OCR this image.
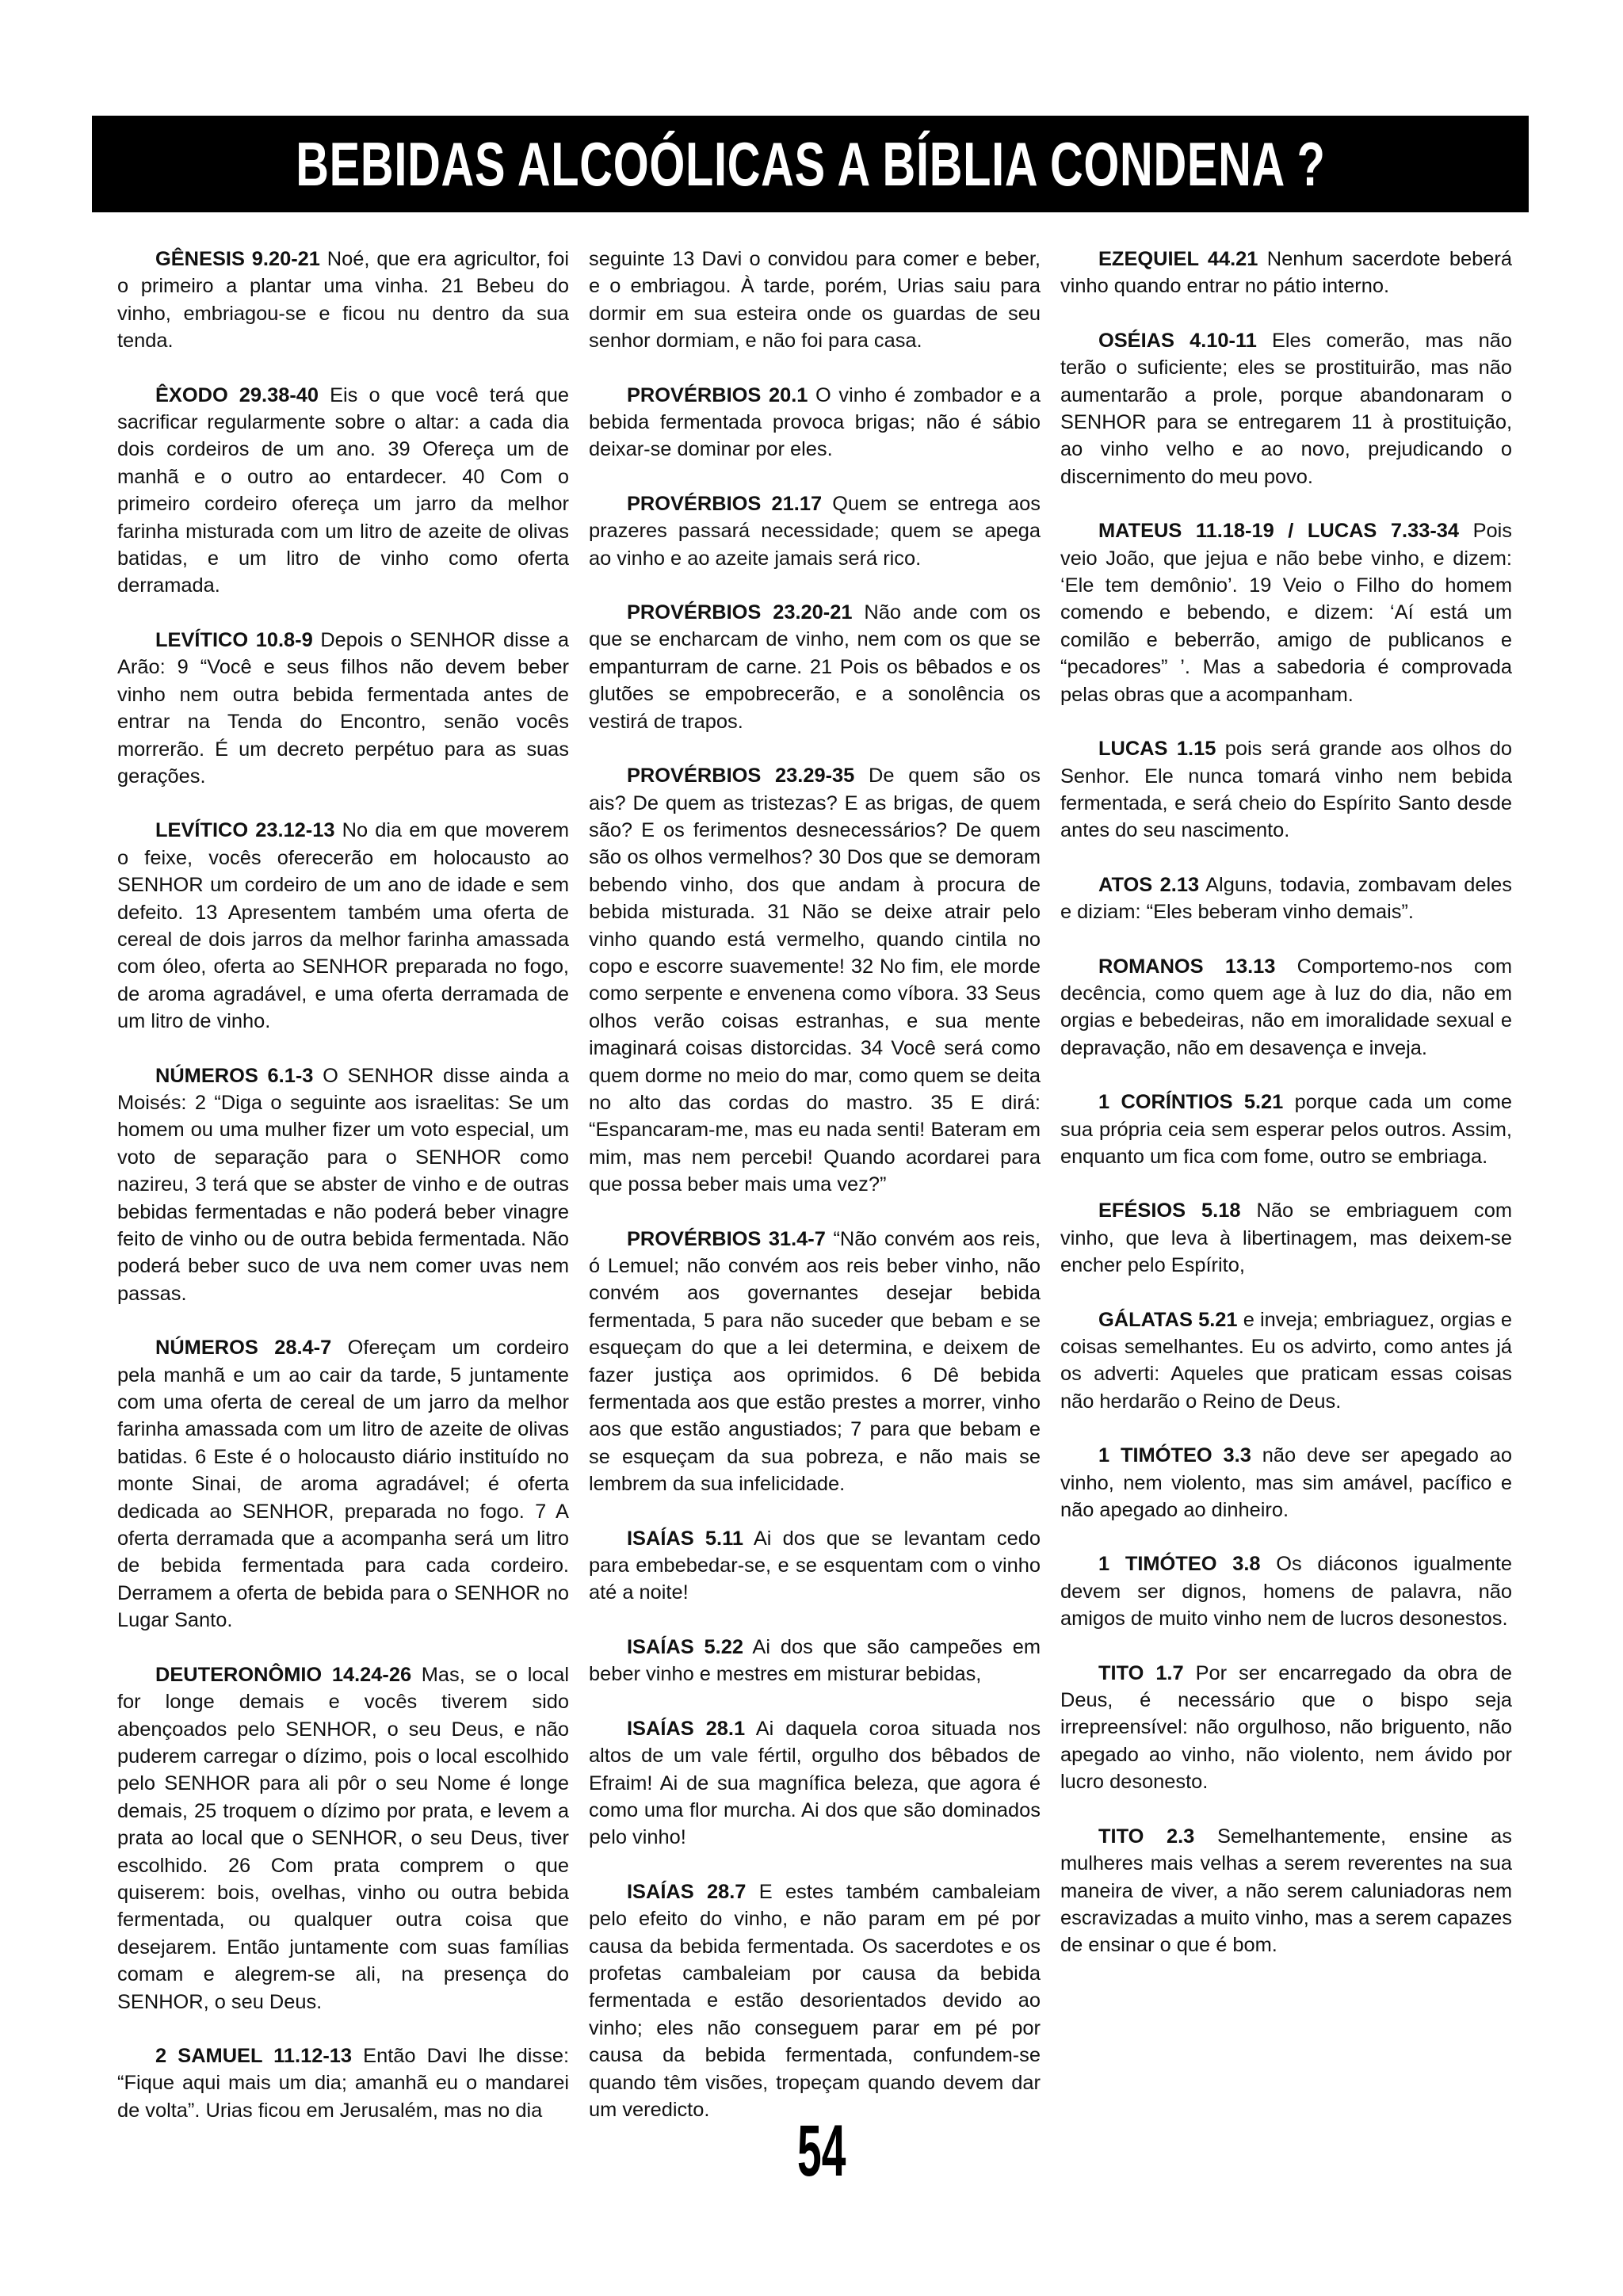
BEBIDAS ALCOÓLICAS A BÍBLIA CONDENA ?

GÊNESIS 9.20-21 Noé, que era agricultor, foi o primeiro a plantar uma vinha. 21 Bebeu do vinho, embriagou-se e ficou nu dentro da sua tenda.

ÊXODO 29.38-40 Eis o que você terá que sacrificar regularmente sobre o altar: a cada dia dois cordeiros de um ano. 39 Ofereça um de manhã e o outro ao entardecer. 40 Com o primeiro cordeiro ofereça um jarro da melhor farinha misturada com um litro de azeite de olivas batidas, e um litro de vinho como oferta derramada.

LEVÍTICO 10.8-9 Depois o SENHOR disse a Arão: 9 “Você e seus filhos não devem beber vinho nem outra bebida fermentada antes de entrar na Tenda do Encontro, senão vocês morrerão. É um decreto perpétuo para as suas gerações.

LEVÍTICO 23.12-13 No dia em que moverem o feixe, vocês oferecerão em holocausto ao SENHOR um cordeiro de um ano de idade e sem defeito. 13 Apresentem também uma oferta de cereal de dois jarros da melhor farinha amassada com óleo, oferta ao SENHOR preparada no fogo, de aroma agradável, e uma oferta derramada de um litro de vinho.

NÚMEROS 6.1-3 O SENHOR disse ainda a Moisés: 2 “Diga o seguinte aos israelitas: Se um homem ou uma mulher fizer um voto especial, um voto de separação para o SENHOR como nazireu, 3 terá que se abster de vinho e de outras bebidas fermentadas e não poderá beber vinagre feito de vinho ou de outra bebida fermentada. Não poderá beber suco de uva nem comer uvas nem passas.

NÚMEROS 28.4-7 Ofereçam um cordeiro pela manhã e um ao cair da tarde, 5 juntamente com uma oferta de cereal de um jarro da melhor farinha amassada com um litro de azeite de olivas batidas. 6 Este é o holocausto diário instituído no monte Sinai, de aroma agradável; é oferta dedicada ao SENHOR, preparada no fogo. 7 A oferta derramada que a acompanha será um litro de bebida fermentada para cada cordeiro. Derramem a oferta de bebida para o SENHOR no Lugar Santo.

DEUTERONÔMIO 14.24-26 Mas, se o local for longe demais e vocês tiverem sido abençoados pelo SENHOR, o seu Deus, e não puderem carregar o dízimo, pois o local escolhido pelo SENHOR para ali pôr o seu Nome é longe demais, 25 troquem o dízimo por prata, e levem a prata ao local que o SENHOR, o seu Deus, tiver escolhido. 26 Com prata comprem o que quiserem: bois, ovelhas, vinho ou outra bebida fermentada, ou qualquer outra coisa que desejarem. Então juntamente com suas famílias comam e alegrem-se ali, na presença do SENHOR, o seu Deus.

2 SAMUEL 11.12-13 Então Davi lhe disse: “Fique aqui mais um dia; amanhã eu o mandarei de volta”. Urias ficou em Jerusalém, mas no dia

seguinte 13 Davi o convidou para comer e beber, e o embriagou. À tarde, porém, Urias saiu para dormir em sua esteira onde os guardas de seu senhor dormiam, e não foi para casa.

PROVÉRBIOS 20.1 O vinho é zombador e a bebida fermentada provoca brigas; não é sábio deixar-se dominar por eles.

PROVÉRBIOS 21.17 Quem se entrega aos prazeres passará necessidade; quem se apega ao vinho e ao azeite jamais será rico.

PROVÉRBIOS 23.20-21 Não ande com os que se encharcam de vinho, nem com os que se empanturram de carne. 21 Pois os bêbados e os glutões se empobrecerão, e a sonolência os vestirá de trapos.

PROVÉRBIOS 23.29-35 De quem são os ais? De quem as tristezas? E as brigas, de quem são? E os ferimentos desnecessários? De quem são os olhos vermelhos? 30 Dos que se demoram bebendo vinho, dos que andam à procura de bebida misturada. 31 Não se deixe atrair pelo vinho quando está vermelho, quando cintila no copo e escorre suavemente! 32 No fim, ele morde como serpente e envenena como víbora. 33 Seus olhos verão coisas estranhas, e sua mente imaginará coisas distorcidas. 34 Você será como quem dorme no meio do mar, como quem se deita no alto das cordas do mastro. 35 E dirá: “Espancaram-me, mas eu nada senti! Bateram em mim, mas nem percebi! Quando acordarei para que possa beber mais uma vez?”

PROVÉRBIOS 31.4-7 “Não convém aos reis, ó Lemuel; não convém aos reis beber vinho, não convém aos governantes desejar bebida fermentada, 5 para não suceder que bebam e se esqueçam do que a lei determina, e deixem de fazer justiça aos oprimidos. 6 Dê bebida fermentada aos que estão prestes a morrer, vinho aos que estão angustiados; 7 para que bebam e se esqueçam da sua pobreza, e não mais se lembrem da sua infelicidade.

ISAÍAS 5.11 Ai dos que se levantam cedo para embebedar-se, e se esquentam com o vinho até a noite!

ISAÍAS 5.22 Ai dos que são campeões em beber vinho e mestres em misturar bebidas,

ISAÍAS 28.1 Ai daquela coroa situada nos altos de um vale fértil, orgulho dos bêbados de Efraim! Ai de sua magnífica beleza, que agora é como uma flor murcha. Ai dos que são dominados pelo vinho!

ISAÍAS 28.7 E estes também cambaleiam pelo efeito do vinho, e não param em pé por causa da bebida fermentada. Os sacerdotes e os profetas cambaleiam por causa da bebida fermentada e estão desorientados devido ao vinho; eles não conseguem parar em pé por causa da bebida fermentada, confundem-se quando têm visões, tropeçam quando devem dar um veredicto.

EZEQUIEL 44.21 Nenhum sacerdote beberá vinho quando entrar no pátio interno.

OSÉIAS 4.10-11 Eles comerão, mas não terão o suficiente; eles se prostituirão, mas não aumentarão a prole, porque abandonaram o SENHOR para se entregarem 11 à prostituição, ao vinho velho e ao novo, prejudicando o discernimento do meu povo.

MATEUS 11.18-19 / LUCAS 7.33-34 Pois veio João, que jejua e não bebe vinho, e dizem: ‘Ele tem demônio’. 19 Veio o Filho do homem comendo e bebendo, e dizem: ‘Aí está um comilão e beberrão, amigo de publicanos e “pecadores” ’. Mas a sabedoria é comprovada pelas obras que a acompanham.

LUCAS 1.15 pois será grande aos olhos do Senhor. Ele nunca tomará vinho nem bebida fermentada, e será cheio do Espírito Santo desde antes do seu nascimento.

ATOS 2.13 Alguns, todavia, zombavam deles e diziam: “Eles beberam vinho demais”.

ROMANOS 13.13 Comportemo-nos com decência, como quem age à luz do dia, não em orgias e bebedeiras, não em imoralidade sexual e depravação, não em desavença e inveja.

1 CORÍNTIOS 5.21 porque cada um come sua própria ceia sem esperar pelos outros. Assim, enquanto um fica com fome, outro se embriaga.

EFÉSIOS 5.18 Não se embriaguem com vinho, que leva à libertinagem, mas deixem-se encher pelo Espírito,

GÁLATAS 5.21 e inveja; embriaguez, orgias e coisas semelhantes. Eu os advirto, como antes já os adverti: Aqueles que praticam essas coisas não herdarão o Reino de Deus.

1 TIMÓTEO 3.3 não deve ser apegado ao vinho, nem violento, mas sim amável, pacífico e não apegado ao dinheiro.

1 TIMÓTEO 3.8 Os diáconos igualmente devem ser dignos, homens de palavra, não amigos de muito vinho nem de lucros desonestos.

TITO 1.7 Por ser encarregado da obra de Deus, é necessário que o bispo seja irrepreensível: não orgulhoso, não briguento, não apegado ao vinho, não violento, nem ávido por lucro desonesto.

TITO 2.3 Semelhantemente, ensine as mulheres mais velhas a serem reverentes na sua maneira de viver, a não serem caluniadoras nem escravizadas a muito vinho, mas a serem capazes de ensinar o que é bom.

54
